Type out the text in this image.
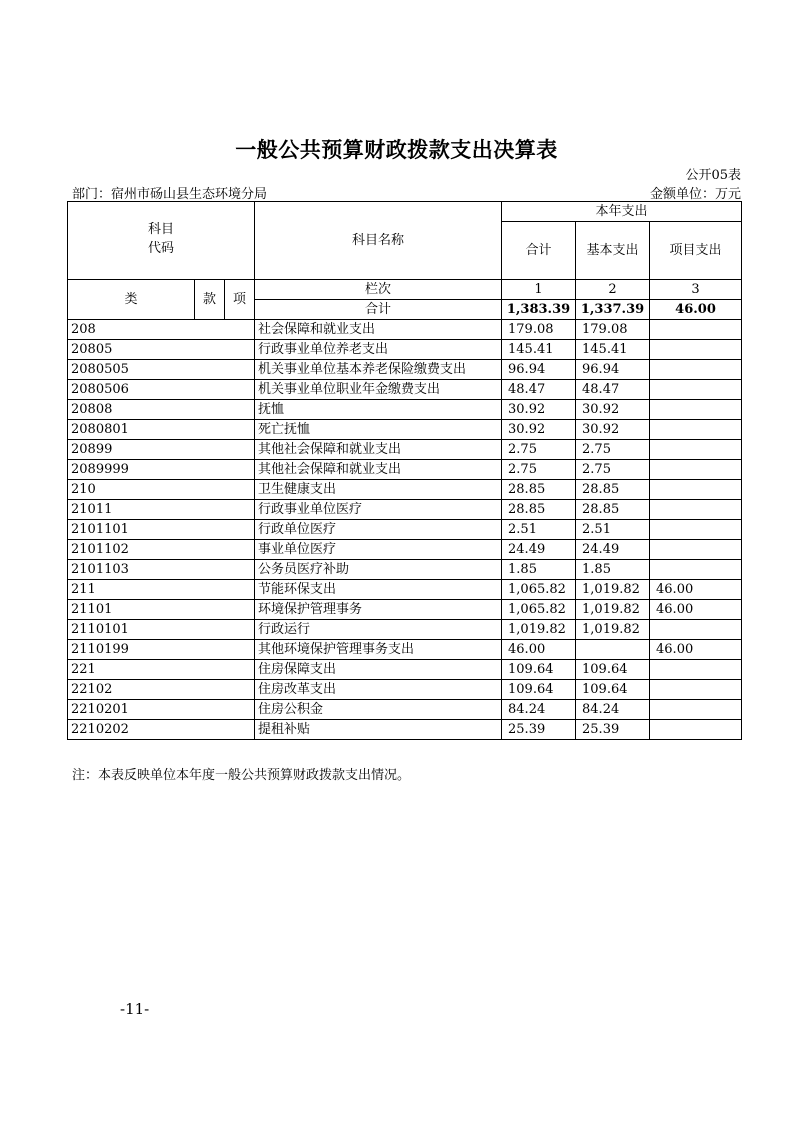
一般公共预算财政拨款支出决算表
公开05表
部门：宿州市砀山县生态环境分局	金额单位：万元
科目
代码			科目名称	本年支出		
				合计	基本支出	项目支出
类	款	项	栏次	1	2	3
			合计	1,383.39	1,337.39	46.00
208			社会保障和就业支出	179.08	179.08	
20805			行政事业单位养老支出	145.41	145.41	
2080505			机关事业单位基本养老保险缴费支出	96.94	96.94	
2080506			机关事业单位职业年金缴费支出	48.47	48.47	
20808			抚恤	30.92	30.92	
2080801			死亡抚恤	30.92	30.92	
20899			其他社会保障和就业支出	2.75	2.75	
2089999			其他社会保障和就业支出	2.75	2.75	
210			卫生健康支出	28.85	28.85	
21011			行政事业单位医疗	28.85	28.85	
2101101			行政单位医疗	2.51	2.51	
2101102			事业单位医疗	24.49	24.49	
2101103			公务员医疗补助	1.85	1.85	
211			节能环保支出	1,065.82	1,019.82	46.00
21101			环境保护管理事务	1,065.82	1,019.82	46.00
2110101			行政运行	1,019.82	1,019.82	
2110199			其他环境保护管理事务支出	46.00		46.00
221			住房保障支出	109.64	109.64	
22102			住房改革支出	109.64	109.64	
2210201			住房公积金	84.24	84.24	
2210202			提租补贴	25.39	25.39	
注：本表反映单位本年度一般公共预算财政拨款支出情况。
-11-
